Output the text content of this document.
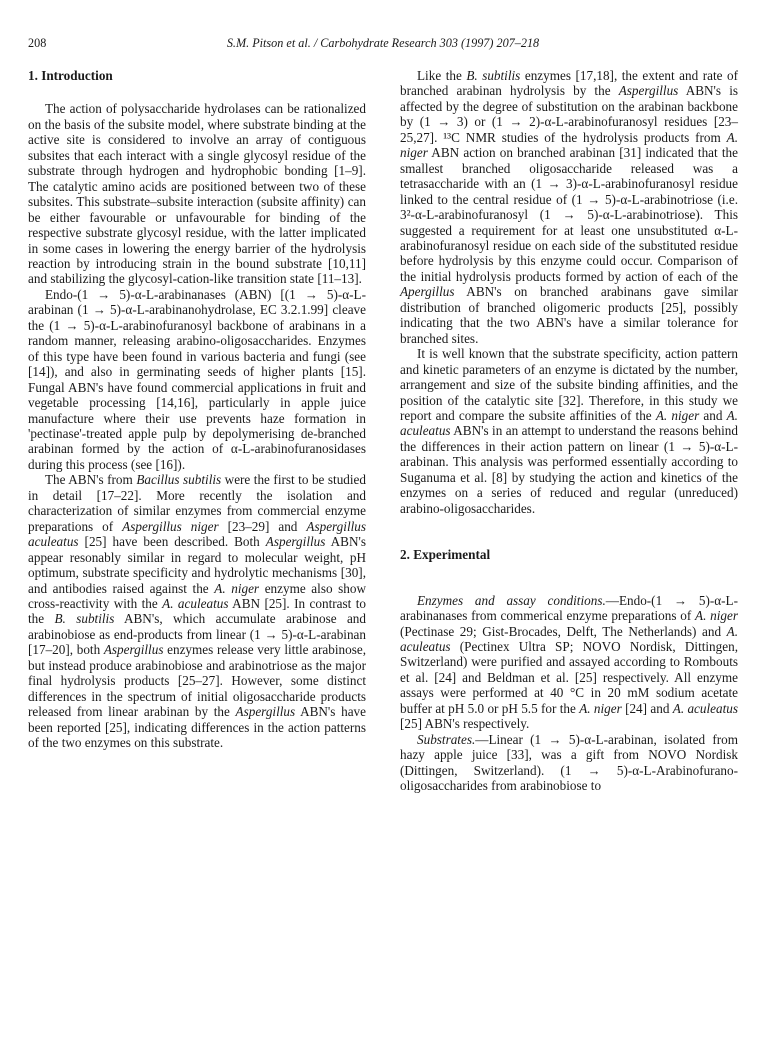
208	S.M. Pitson et al. / Carbohydrate Research 303 (1997) 207–218
1. Introduction

The action of polysaccharide hydrolases can be rationalized on the basis of the subsite model, where substrate binding at the active site is considered to involve an array of contiguous subsites that each interact with a single glycosyl residue of the substrate through hydrogen and hydrophobic bonding [1–9]. The catalytic amino acids are positioned between two of these subsites. This substrate–subsite interaction (subsite affinity) can be either favourable or unfavourable for binding of the respective substrate glycosyl residue, with the latter implicated in some cases in lowering the energy barrier of the hydrolysis reaction by introducing strain in the bound substrate [10,11] and stabilizing the glycosyl-cation-like transition state [11–13].

Endo-(1 → 5)-α-L-arabinanases (ABN) [(1 → 5)-α-L-arabinan (1 → 5)-α-L-arabinanohydrolase, EC 3.2.1.99] cleave the (1 → 5)-α-L-arabinofuranosyl backbone of arabinans in a random manner, releasing arabino-oligosaccharides. Enzymes of this type have been found in various bacteria and fungi (see [14]), and also in germinating seeds of higher plants [15]. Fungal ABN's have found commercial applications in fruit and vegetable processing [14,16], particularly in apple juice manufacture where their use prevents haze formation in 'pectinase'-treated apple pulp by depolymerising de-branched arabinan formed by the action of α-L-arabinofuranosidases during this process (see [16]).

The ABN's from Bacillus subtilis were the first to be studied in detail [17–22]. More recently the isolation and characterization of similar enzymes from commercial enzyme preparations of Aspergillus niger [23–29] and Aspergillus aculeatus [25] have been described. Both Aspergillus ABN's appear resonably similar in regard to molecular weight, pH optimum, substrate specificity and hydrolytic mechanisms [30], and antibodies raised against the A. niger enzyme also show cross-reactivity with the A. aculeatus ABN [25]. In contrast to the B. subtilis ABN's, which accumulate arabinose and arabinobiose as end-products from linear (1 → 5)-α-L-arabinan [17–20], both Aspergillus enzymes release very little arabinose, but instead produce arabinobiose and arabinotriose as the major final hydrolysis products [25–27]. However, some distinct differences in the spectrum of initial oligosaccharide products released from linear arabinan by the Aspergillus ABN's have been reported [25], indicating differences in the action patterns of the two enzymes on this substrate.

Like the B. subtilis enzymes [17,18], the extent and rate of branched arabinan hydrolysis by the Aspergillus ABN's is affected by the degree of substitution on the arabinan backbone by (1 → 3) or (1 → 2)-α-L-arabinofuranosyl residues [23–25,27]. ¹³C NMR studies of the hydrolysis products from A. niger ABN action on branched arabinan [31] indicated that the smallest branched oligosaccharide released was a tetrasaccharide with an (1 → 3)-α-L-arabinofuranosyl residue linked to the central residue of (1 → 5)-α-L-arabinotriose (i.e. 3²-α-L-arabinofuranosyl (1 → 5)-α-L-arabinotriose). This suggested a requirement for at least one unsubstituted α-L-arabinofuranosyl residue on each side of the substituted residue before hydrolysis by this enzyme could occur. Comparison of the initial hydrolysis products formed by action of each of the Apergillus ABN's on branched arabinans gave similar distribution of branched oligomeric products [25], possibly indicating that the two ABN's have a similar tolerance for branched sites.

It is well known that the substrate specificity, action pattern and kinetic parameters of an enzyme is dictated by the number, arrangement and size of the subsite binding affinities, and the position of the catalytic site [32]. Therefore, in this study we report and compare the subsite affinities of the A. niger and A. aculeatus ABN's in an attempt to understand the reasons behind the differences in their action pattern on linear (1 → 5)-α-L-arabinan. This analysis was performed essentially according to Suganuma et al. [8] by studying the action and kinetics of the enzymes on a series of reduced and regular (unreduced) arabino-oligosaccharides.

2. Experimental

Enzymes and assay conditions.—Endo-(1 → 5)-α-L-arabinanases from commerical enzyme preparations of A. niger (Pectinase 29; Gist-Brocades, Delft, The Netherlands) and A. aculeatus (Pectinex Ultra SP; NOVO Nordisk, Dittingen, Switzerland) were purified and assayed according to Rombouts et al. [24] and Beldman et al. [25] respectively. All enzyme assays were performed at 40 °C in 20 mM sodium acetate buffer at pH 5.0 or pH 5.5 for the A. niger [24] and A. aculeatus [25] ABN's respectively.

Substrates.—Linear (1 → 5)-α-L-arabinan, isolated from hazy apple juice [33], was a gift from NOVO Nordisk (Dittingen, Switzerland). (1 → 5)-α-L-Arabinofurano-oligosaccharides from arabinobiose to
